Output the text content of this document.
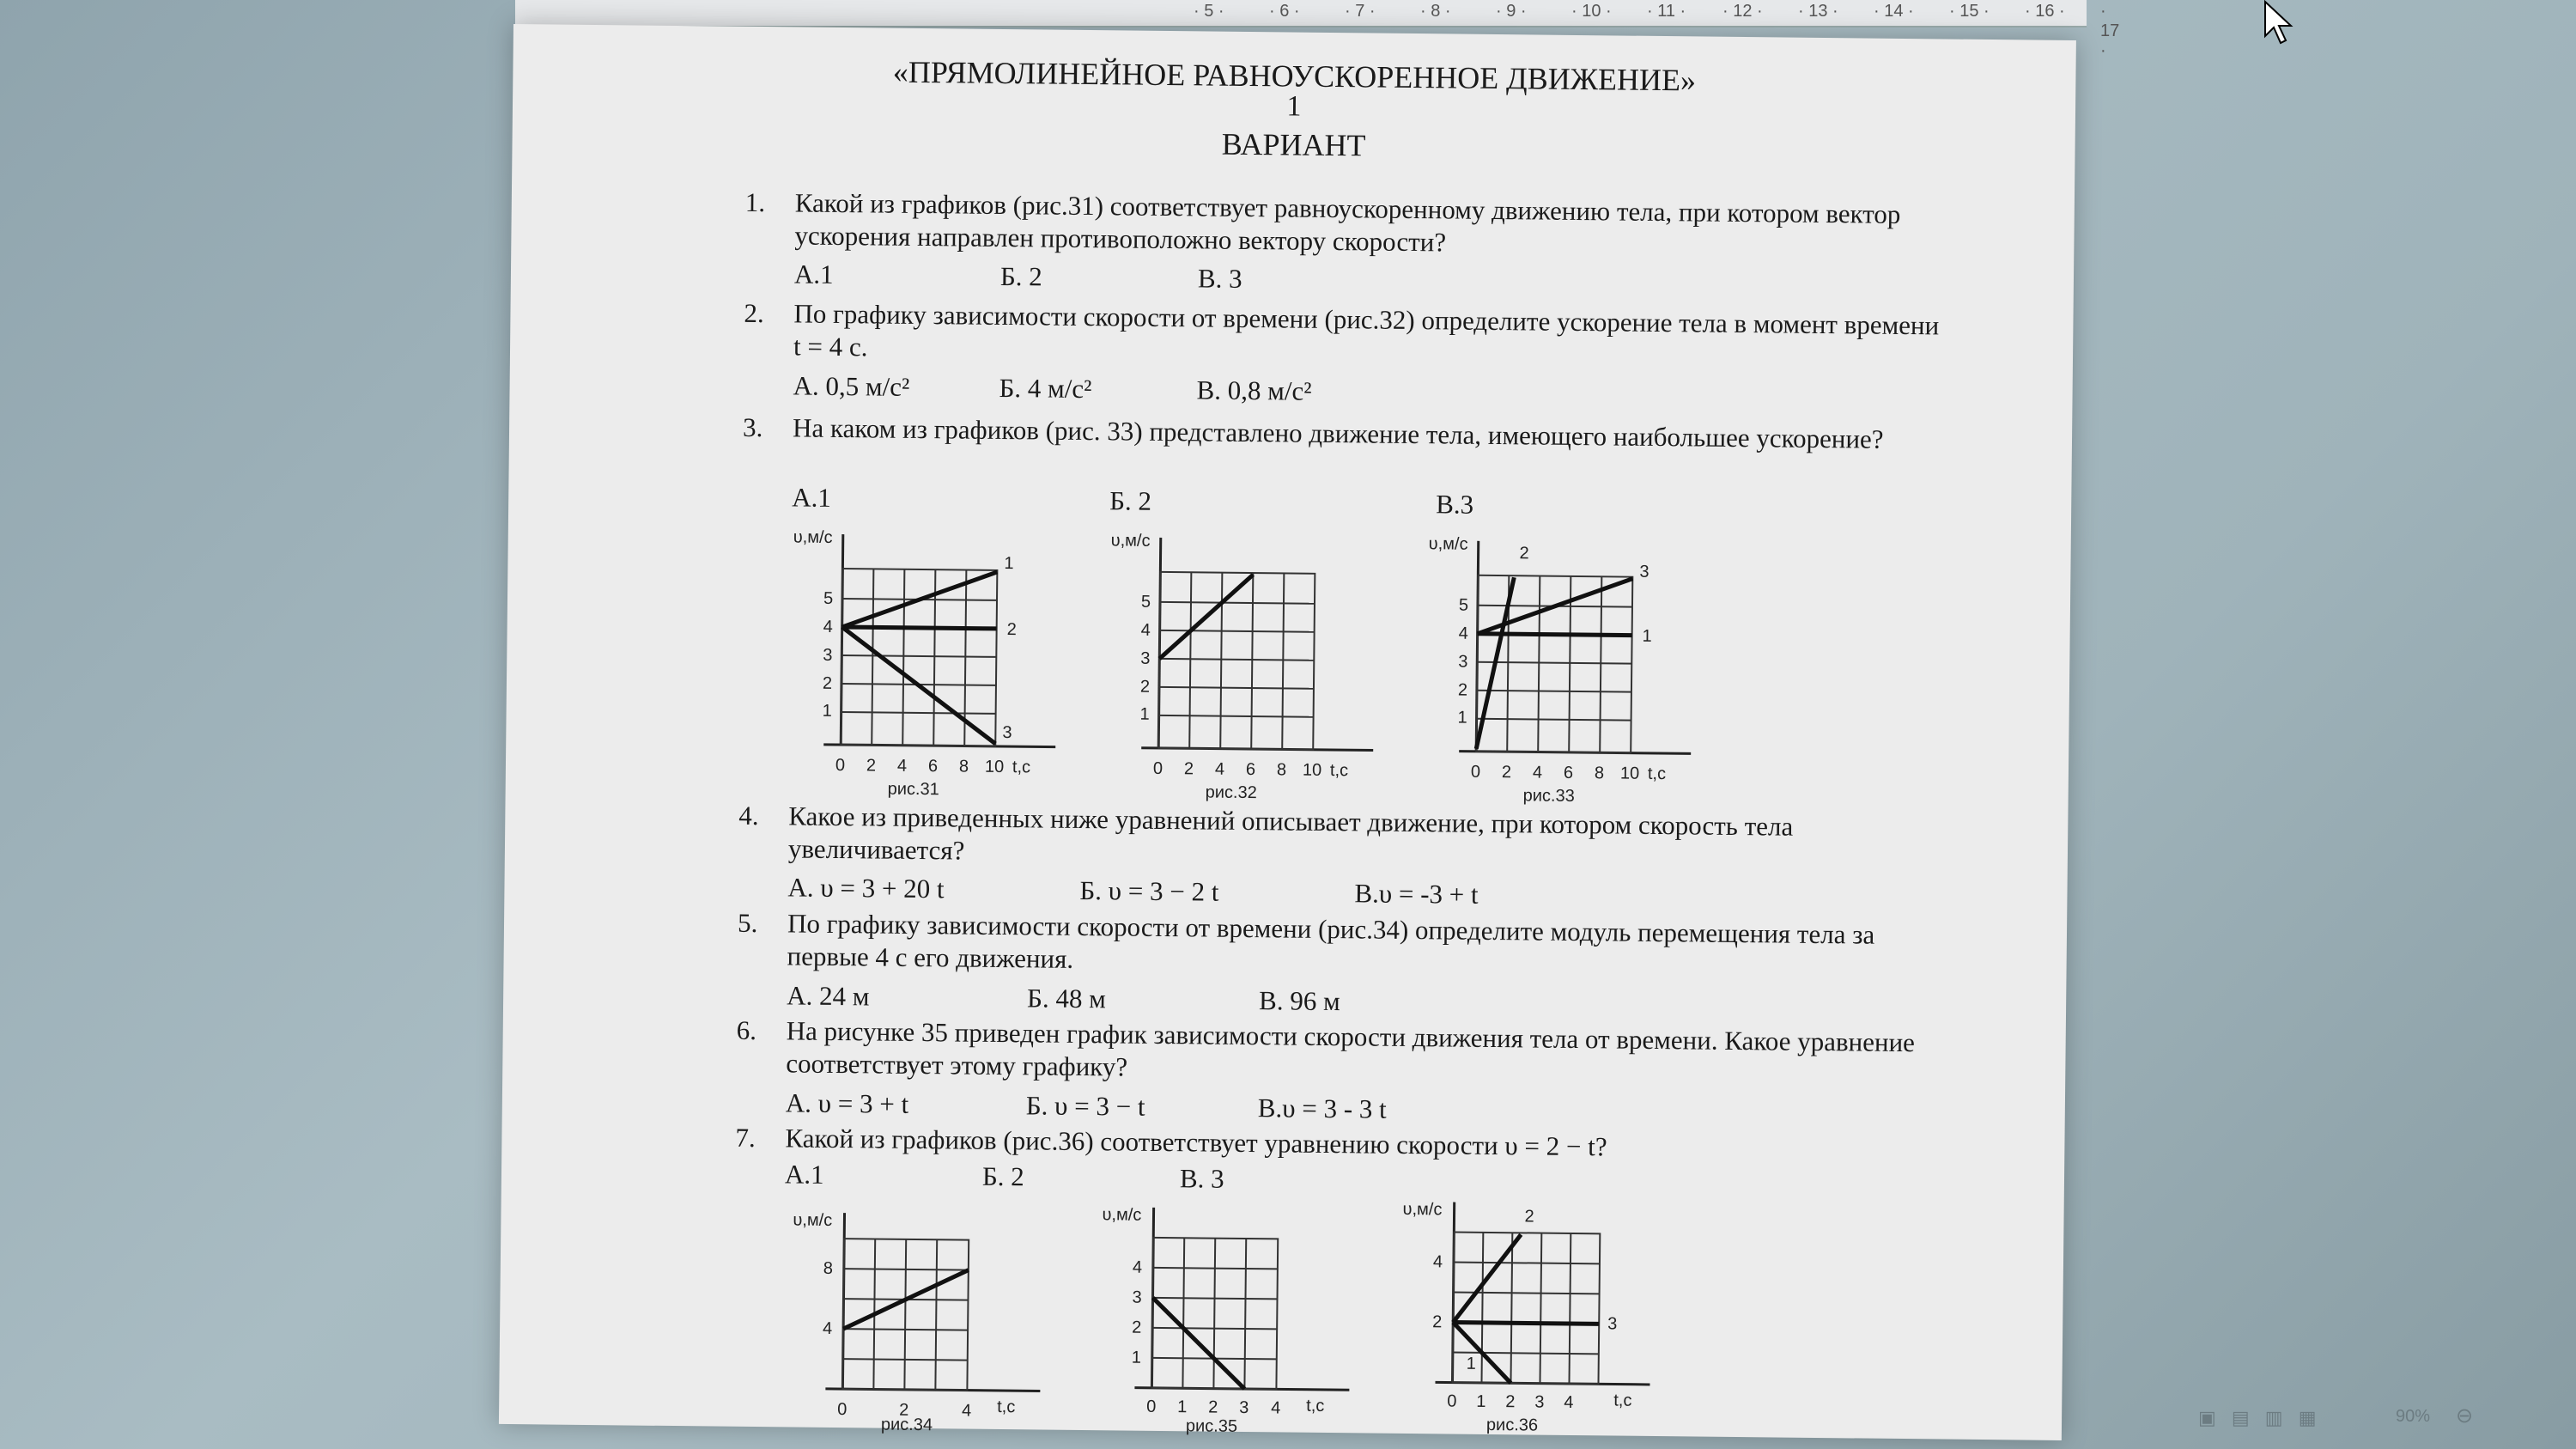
· 5 ·	· 6 ·	· 7 ·	· 8 ·	· 9 ·	· 10 · · 11 · · 12 · · 13 · · 14 · · 15 · · 16 · · 17 ·
«ПРЯМОЛИНЕЙНОЕ РАВНОУСКОРЕННОЕ ДВИЖЕНИЕ»
1
ВАРИАНТ
1. Какой из графиков (рис.31) соответствует равноускоренному движению тела, при котором вектор ускорения направлен противоположно вектору скорости?
А.1	Б. 2	В. 3
2. По графику зависимости скорости от времени (рис.32) определите ускорение тела в момент времени t = 4 с.
А. 0,5 м/с²	Б. 4 м/с²	В. 0,8 м/с²
3. На каком из графиков (рис. 33) представлено движение тела, имеющего наибольшее ускорение?
А.1	Б. 2	В.3
υ,м/с
1
2
3
1
2
3
4
5
0 2 4 6 8 10 t,с
рис.31
υ,м/с
1
2
3
4
5
0 2 4 6 8 10 t,с
рис.32
υ,м/с	2
3
1
1
2
3
4
5
0 2 4 6 8 10 t,с
рис.33
4. Какое из приведенных ниже уравнений описывает движение, при котором скорость тела увеличивается?
А. υ = 3 + 20 t	Б. υ = 3 − 2 t	В.υ = -3 + t
5. По графику зависимости скорости от времени (рис.34) определите модуль перемещения тела за первые 4 с его движения.
А. 24 м	Б. 48 м	В. 96 м
6. На рисунке 35 приведен график зависимости скорости движения тела от времени. Какое уравнение соответствует этому графику?
А. υ = 3 + t	Б. υ = 3 − t	В.υ = 3 - 3 t
7. Какой из графиков (рис.36) соответствует уравнению скорости υ = 2 − t?
А.1	Б. 2	В. 3
υ,м/с
4
8
0	2	4 t,с
рис.34
υ,м/с
1
2
3
4
0 1 2 3 4 t,с
рис.35
υ,м/с	2
3
1
2
4
0 1 2 3 4 t,с
рис.36	▣ ▤ ▥ ▦	90% ⊖
